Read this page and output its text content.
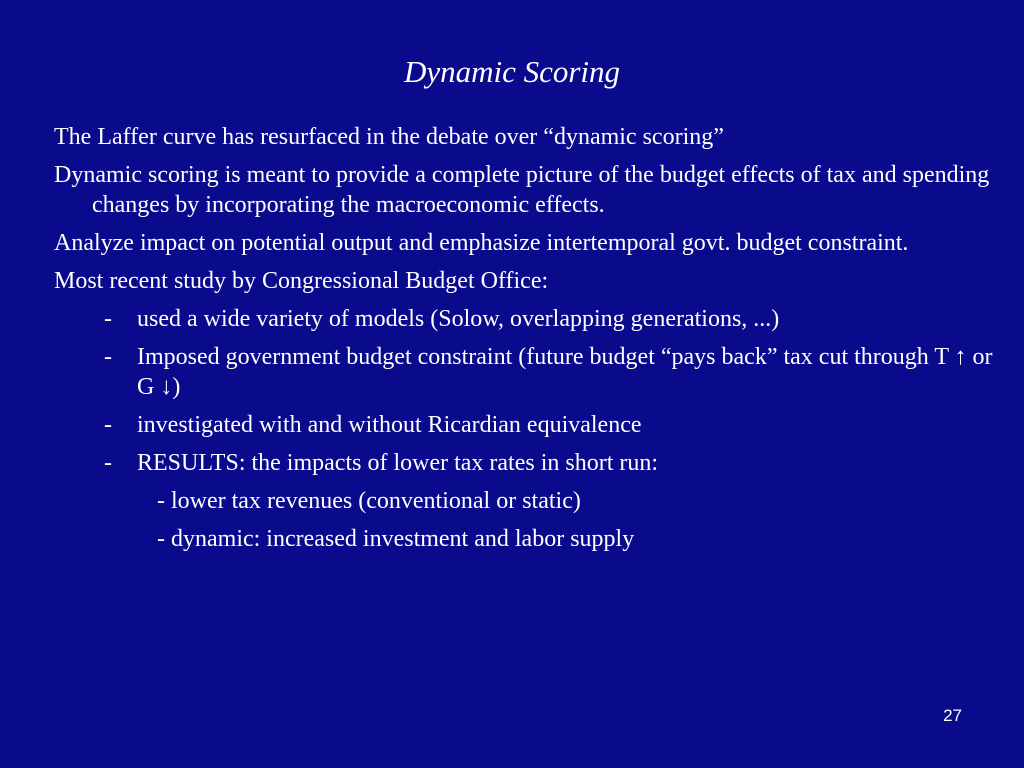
Dynamic Scoring
The Laffer curve has resurfaced in the debate over “dynamic scoring”
Dynamic scoring is meant to provide a complete picture of the budget effects of tax and spending changes by incorporating the macroeconomic effects.
Analyze impact on potential output and emphasize intertemporal govt. budget constraint.
Most recent study by Congressional Budget Office:
- used a wide variety of models (Solow, overlapping generations, ...)
- Imposed government budget constraint (future budget “pays back” tax cut through T ↑ or G ↓)
- investigated with and without Ricardian equivalence
- RESULTS: the impacts of lower tax rates in short run:
- lower tax revenues (conventional or static)
- dynamic: increased investment and labor supply
27
